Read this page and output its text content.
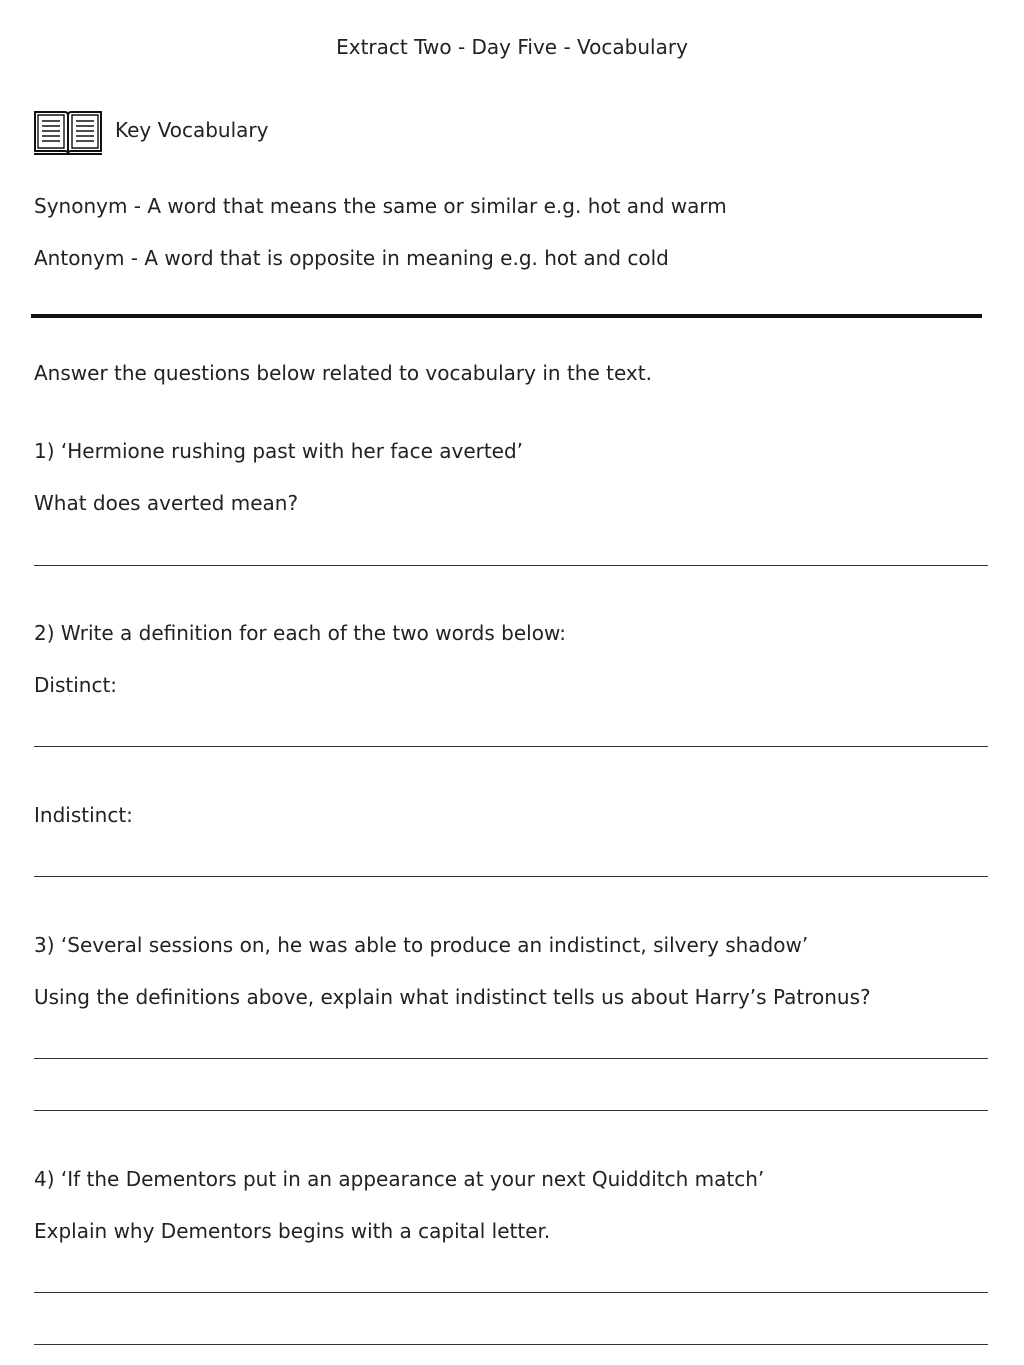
Extract Two - Day Five - Vocabulary

Key Vocabulary

Synonym - A word that means the same or similar e.g. hot and warm

Antonym - A word that is opposite in meaning e.g. hot and cold

Answer the questions below related to vocabulary in the text.

1) ‘Hermione rushing past with her face averted’

What does averted mean?

2) Write a definition for each of the two words below:

Distinct:

Indistinct:

3) ‘Several sessions on, he was able to produce an indistinct, silvery shadow’

Using the definitions above, explain what indistinct tells us about Harry’s Patronus?

4) ‘If the Dementors put in an appearance at your next Quidditch match’

Explain why Dementors begins with a capital letter.
